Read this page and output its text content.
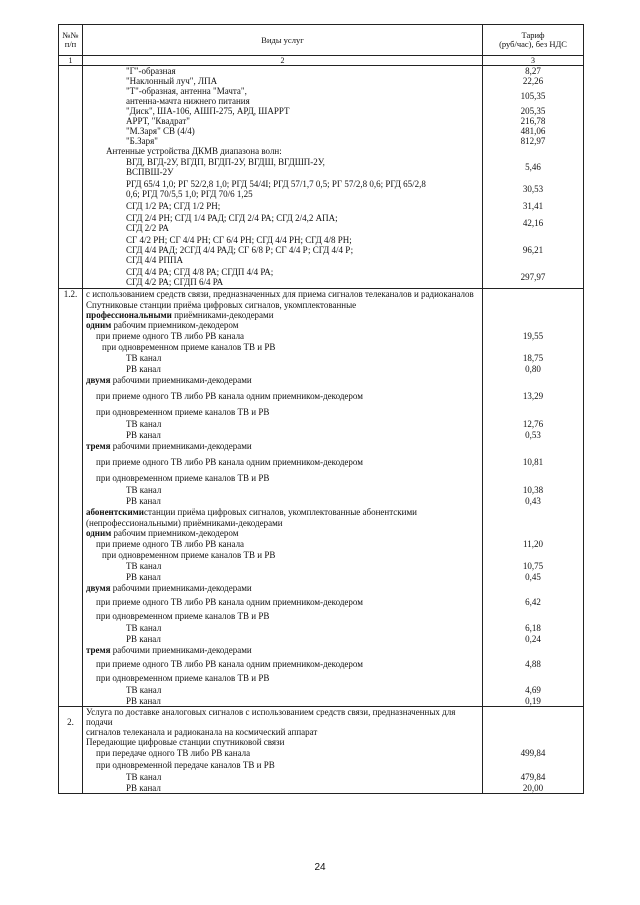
№№
п/п	Виды услуг	Тариф
(руб/час), без НДС
1	2	3
	"Г"-образная	8,27
	"Наклонный луч", ЛПА	22,26
	"Т"-образная, антенна "Мачта",
антенна-мачта нижнего питания	105,35
	"Диск", ША-106, АШП-275, АРД, ШАРРТ	205,35
	АРРТ, "Квадрат"	216,78
	"М.Заря" СВ (4/4)	481,06
	"Б.Заря"	812,97
	Антенные устройства ДКМВ диапазона волн:	
	ВГД, ВГД-2У, ВГДП, ВГДП-2У, ВГДШ, ВГДШП-2У,
ВСПВШ-2У	5,46
	РГД 65/4 1,0; РГ 52/2,8 1,0; РГД 54/4I; РГД 57/1,7 0,5; РГ 57/2,8 0,6; РГД 65/2,8
0,6; РГД 70/5,5 1,0; РГД 70/6 1,25	30,53
	СГД 1/2 РА; СГД 1/2 РН;	31,41
	СГД 2/4 РН; СГД 1/4 РАД; СГД 2/4 РА; СГД 2/4,2 АПА;
СГД 2/2 РА	42,16
	СГ 4/2 РН; СГ 4/4 РН; СГ 6/4 РН; СГД 4/4 РН; СГД 4/8 РН;
СГД 4/4 РАД; 2СГД 4/4 РАД; СГ 6/8 Р; СГ 4/4 Р; СГД 4/4 Р;
СГД 4/4 РППА	96,21
	СГД 4/4 РА; СГД 4/8 РА; СГДП 4/4 РА;
СГД 4/2 РА; СГДП 6/4 РА	297,97
1.2.	с использованием средств связи, предназначенных для приема сигналов телеканалов и радиоканалов	
	Спутниковые станции приёма цифровых сигналов, укомплектованные	
	профессиональными приёмниками-декодерами	
	одним рабочим приемником-декодером	
	при приеме одного ТВ либо РВ канала	19,55
	при одновременном приеме каналов ТВ и РВ	
	ТВ канал	18,75
	РВ канал	0,80
	двумя рабочими приемниками-декодерами	
	при приеме одного ТВ либо РВ канала одним приемником-декодером	13,29
	при одновременном приеме каналов ТВ и РВ	
	ТВ канал	12,76
	РВ канал	0,53
	тремя рабочими приемниками-декодерами	
	при приеме одного ТВ либо РВ канала одним приемником-декодером	10,81
	при одновременном приеме каналов ТВ и РВ	
	ТВ канал	10,38
	РВ канал	0,43
	абонентскимистанции приёма цифровых сигналов, укомплектованные абонентскими	
	(непрофессиональными) приёмниками-декодерами	
	одним рабочим приемником-декодером	
	при приеме одного ТВ либо РВ канала	11,20
	при одновременном приеме каналов ТВ и РВ	
	ТВ канал	10,75
	РВ канал	0,45
	двумя рабочими приемниками-декодерами	
	при приеме одного ТВ либо РВ канала одним приемником-декодером	6,42
	при одновременном приеме каналов ТВ и РВ	
	ТВ канал	6,18
	РВ канал	0,24
	тремя рабочими приемниками-декодерами	
	при приеме одного ТВ либо РВ канала одним приемником-декодером	4,88
	при одновременном приеме каналов ТВ и РВ	
	ТВ канал	4,69
	РВ канал	0,19
2.	Услуга по доставке аналоговых сигналов с использованием средств связи, предназначенных для подачи
сигналов телеканала и радиоканала на космический аппарат	
	Передающие цифровые станции спутниковой связи	
	при передаче одного ТВ либо РВ канала	499,84
	при одновременной передаче каналов ТВ и РВ	
	ТВ канал	479,84
	РВ канал	20,00
24
